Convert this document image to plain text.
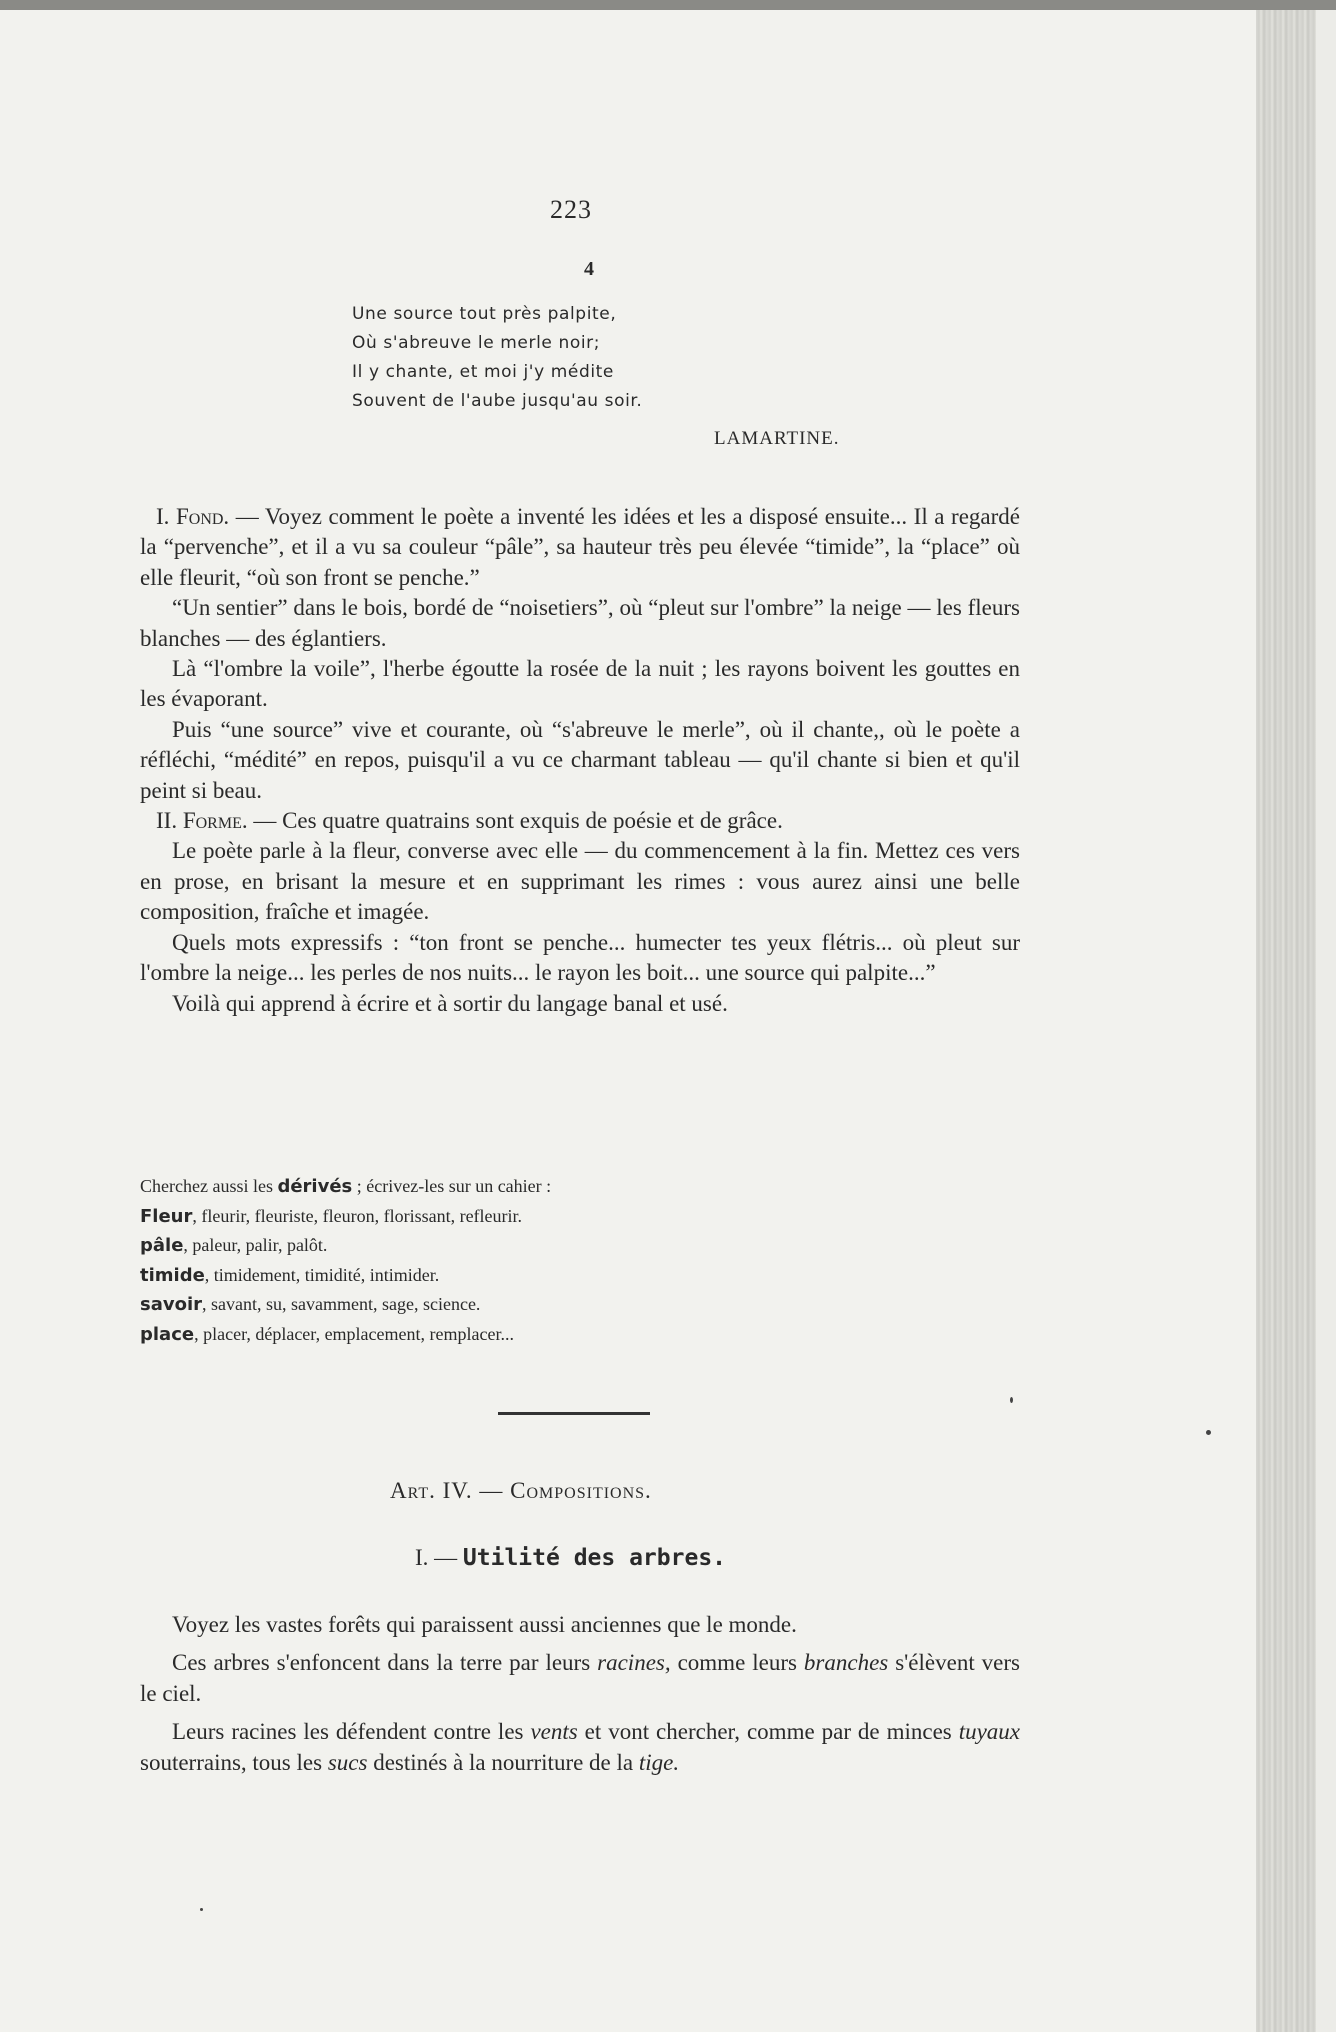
223
4
Une source tout près palpite,
Où s'abreuve le merle noir;
Il y chante, et moi j'y médite
Souvent de l'aube jusqu'au soir.
LAMARTINE.

I. Fond. — Voyez comment le poète a inventé les idées et les a disposé ensuite... Il a regardé la “pervenche”, et il a vu sa couleur “pâle”, sa hauteur très peu élevée “timide”, la “place” où elle fleurit, “où son front se penche.”

“Un sentier” dans le bois, bordé de “noisetiers”, où “pleut sur l'ombre” la neige — les fleurs blanches — des églantiers.

Là “l'ombre la voile”, l'herbe égoutte la rosée de la nuit ; les rayons boivent les gouttes en les évaporant.

Puis “une source” vive et courante, où “s'abreuve le merle”, où il chante,, où le poète a réfléchi, “médité” en repos, puisqu'il a vu ce charmant tableau — qu'il chante si bien et qu'il peint si beau.

II. Forme. — Ces quatre quatrains sont exquis de poésie et de grâce.

Le poète parle à la fleur, converse avec elle — du commencement à la fin. Mettez ces vers en prose, en brisant la mesure et en supprimant les rimes : vous aurez ainsi une belle composition, fraîche et imagée.

Quels mots expressifs : “ton front se penche... humecter tes yeux flétris... où pleut sur l'ombre la neige... les perles de nos nuits... le rayon les boit... une source qui palpite...”

Voilà qui apprend à écrire et à sortir du langage banal et usé.

Cherchez aussi les dérivés ; écrivez-les sur un cahier :
Fleur, fleurir, fleuriste, fleuron, florissant, refleurir.
pâle, paleur, palir, palôt.
timide, timidement, timidité, intimider.
savoir, savant, su, savamment, sage, science.
place, placer, déplacer, emplacement, remplacer...
Art. IV. — Compositions.
I. — Utilité des arbres.

Voyez les vastes forêts qui paraissent aussi anciennes que le monde.

Ces arbres s'enfoncent dans la terre par leurs racines, comme leurs branches s'élèvent vers le ciel.

Leurs racines les défendent contre les vents et vont chercher, comme par de minces tuyaux souterrains, tous les sucs destinés à la nourriture de la tige.
